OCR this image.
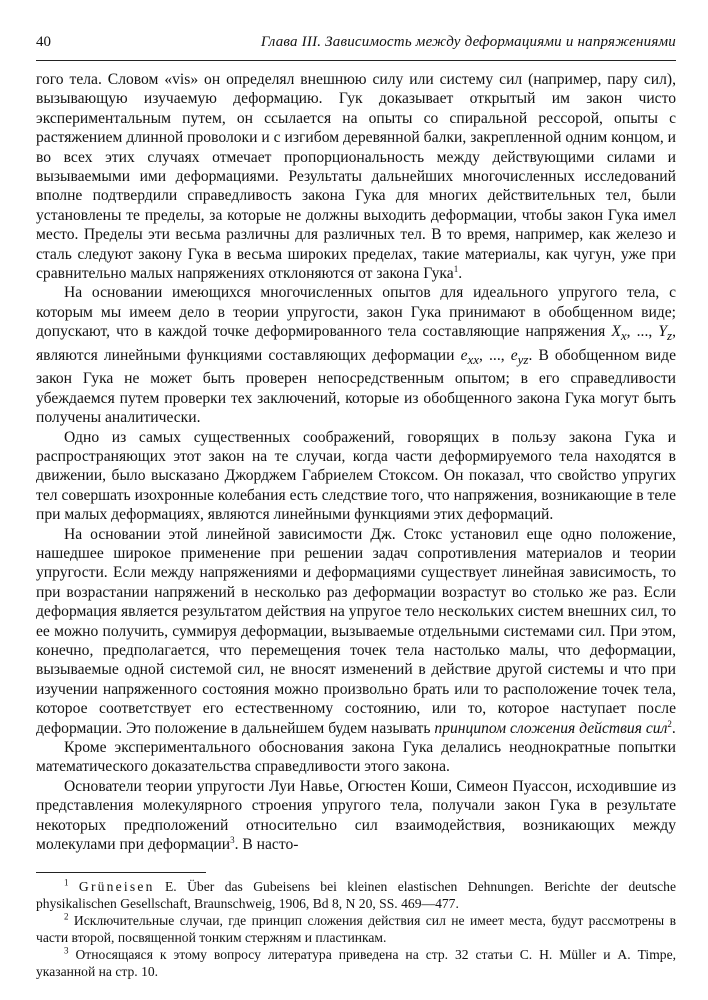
40	Глава III. Зависимость между деформациями и напряжениями

гого тела. Словом «vis» он определял внешнюю силу или систему сил (например, пару сил), вызывающую изучаемую деформацию. Гук доказывает открытый им закон чисто экспериментальным путем, он ссылается на опыты со спиральной рессорой, опыты с растяжением длинной проволоки и с изгибом деревянной балки, закрепленной одним концом, и во всех этих случаях отмечает пропорциональность между действующими силами и вызываемыми ими деформациями. Результаты дальнейших многочисленных исследований вполне подтвердили справедливость закона Гука для многих действительных тел, были установлены те пределы, за которые не должны выходить деформации, чтобы закон Гука имел место. Пределы эти весьма различны для различных тел. В то время, например, как железо и сталь следуют закону Гука в весьма широких пределах, такие материалы, как чугун, уже при сравнительно малых напряжениях отклоняются от закона Гука$^1$.

На основании имеющихся многочисленных опытов для идеального упругого тела, с которым мы имеем дело в теории упругости, закон Гука принимают в обобщенном виде; допускают, что в каждой точке деформированного тела составляющие напряжения $X_x$, ..., $Y_z$, являются линейными функциями составляющих деформации $e_{xx}$, ..., $e_{yz}$. В обобщенном виде закон Гука не может быть проверен непосредственным опытом; в его справедливости убеждаемся путем проверки тех заключений, которые из обобщенного закона Гука могут быть получены аналитически.

Одно из самых существенных соображений, говорящих в пользу закона Гука и распространяющих этот закон на те случаи, когда части деформируемого тела находятся в движении, было высказано Джорджем Габриелем Стоксом. Он показал, что свойство упругих тел совершать изохронные колебания есть следствие того, что напряжения, возникающие в теле при малых деформациях, являются линейными функциями этих деформаций.

На основании этой линейной зависимости Дж. Стокс установил еще одно положение, нашедшее широкое применение при решении задач сопротивления материалов и теории упругости. Если между напряжениями и деформациями существует линейная зависимость, то при возрастании напряжений в несколько раз деформации возрастут во столько же раз. Если деформация является результатом действия на упругое тело нескольких систем внешних сил, то ее можно получить, суммируя деформации, вызываемые отдельными системами сил. При этом, конечно, предполагается, что перемещения точек тела настолько малы, что деформации, вызываемые одной системой сил, не вносят изменений в действие другой системы и что при изучении напряженного состояния можно произвольно брать или то расположение точек тела, которое соответствует его естественному состоянию, или то, которое наступает после деформации. Это положение в дальнейшем будем называть принципом сложения действия сил$^2$.

Кроме экспериментального обоснования закона Гука делались неоднократные попытки математического доказательства справедливости этого закона.

Основатели теории упругости Луи Навье, Огюстен Коши, Симеон Пуассон, исходившие из представления молекулярного строения упругого тела, получали закон Гука в результате некоторых предположений относительно сил взаимодействия, возникающих между молекулами при деформации$^3$. В насто-

$^1$ Grüneisen E. Über das Gubeisens bei kleinen elastischen Dehnungen. Berichte der deutsche physikalischen Gesellschaft, Braunschweig, 1906, Bd 8, N 20, SS. 469—477.

$^2$ Исключительные случаи, где принцип сложения действия сил не имеет места, будут рассмотрены в части второй, посвященной тонким стержням и пластинкам.

$^3$ Относящаяся к этому вопросу литература приведена на стр. 32 статьи С. Н. Müller и А. Timpe, указанной на стр. 10.
